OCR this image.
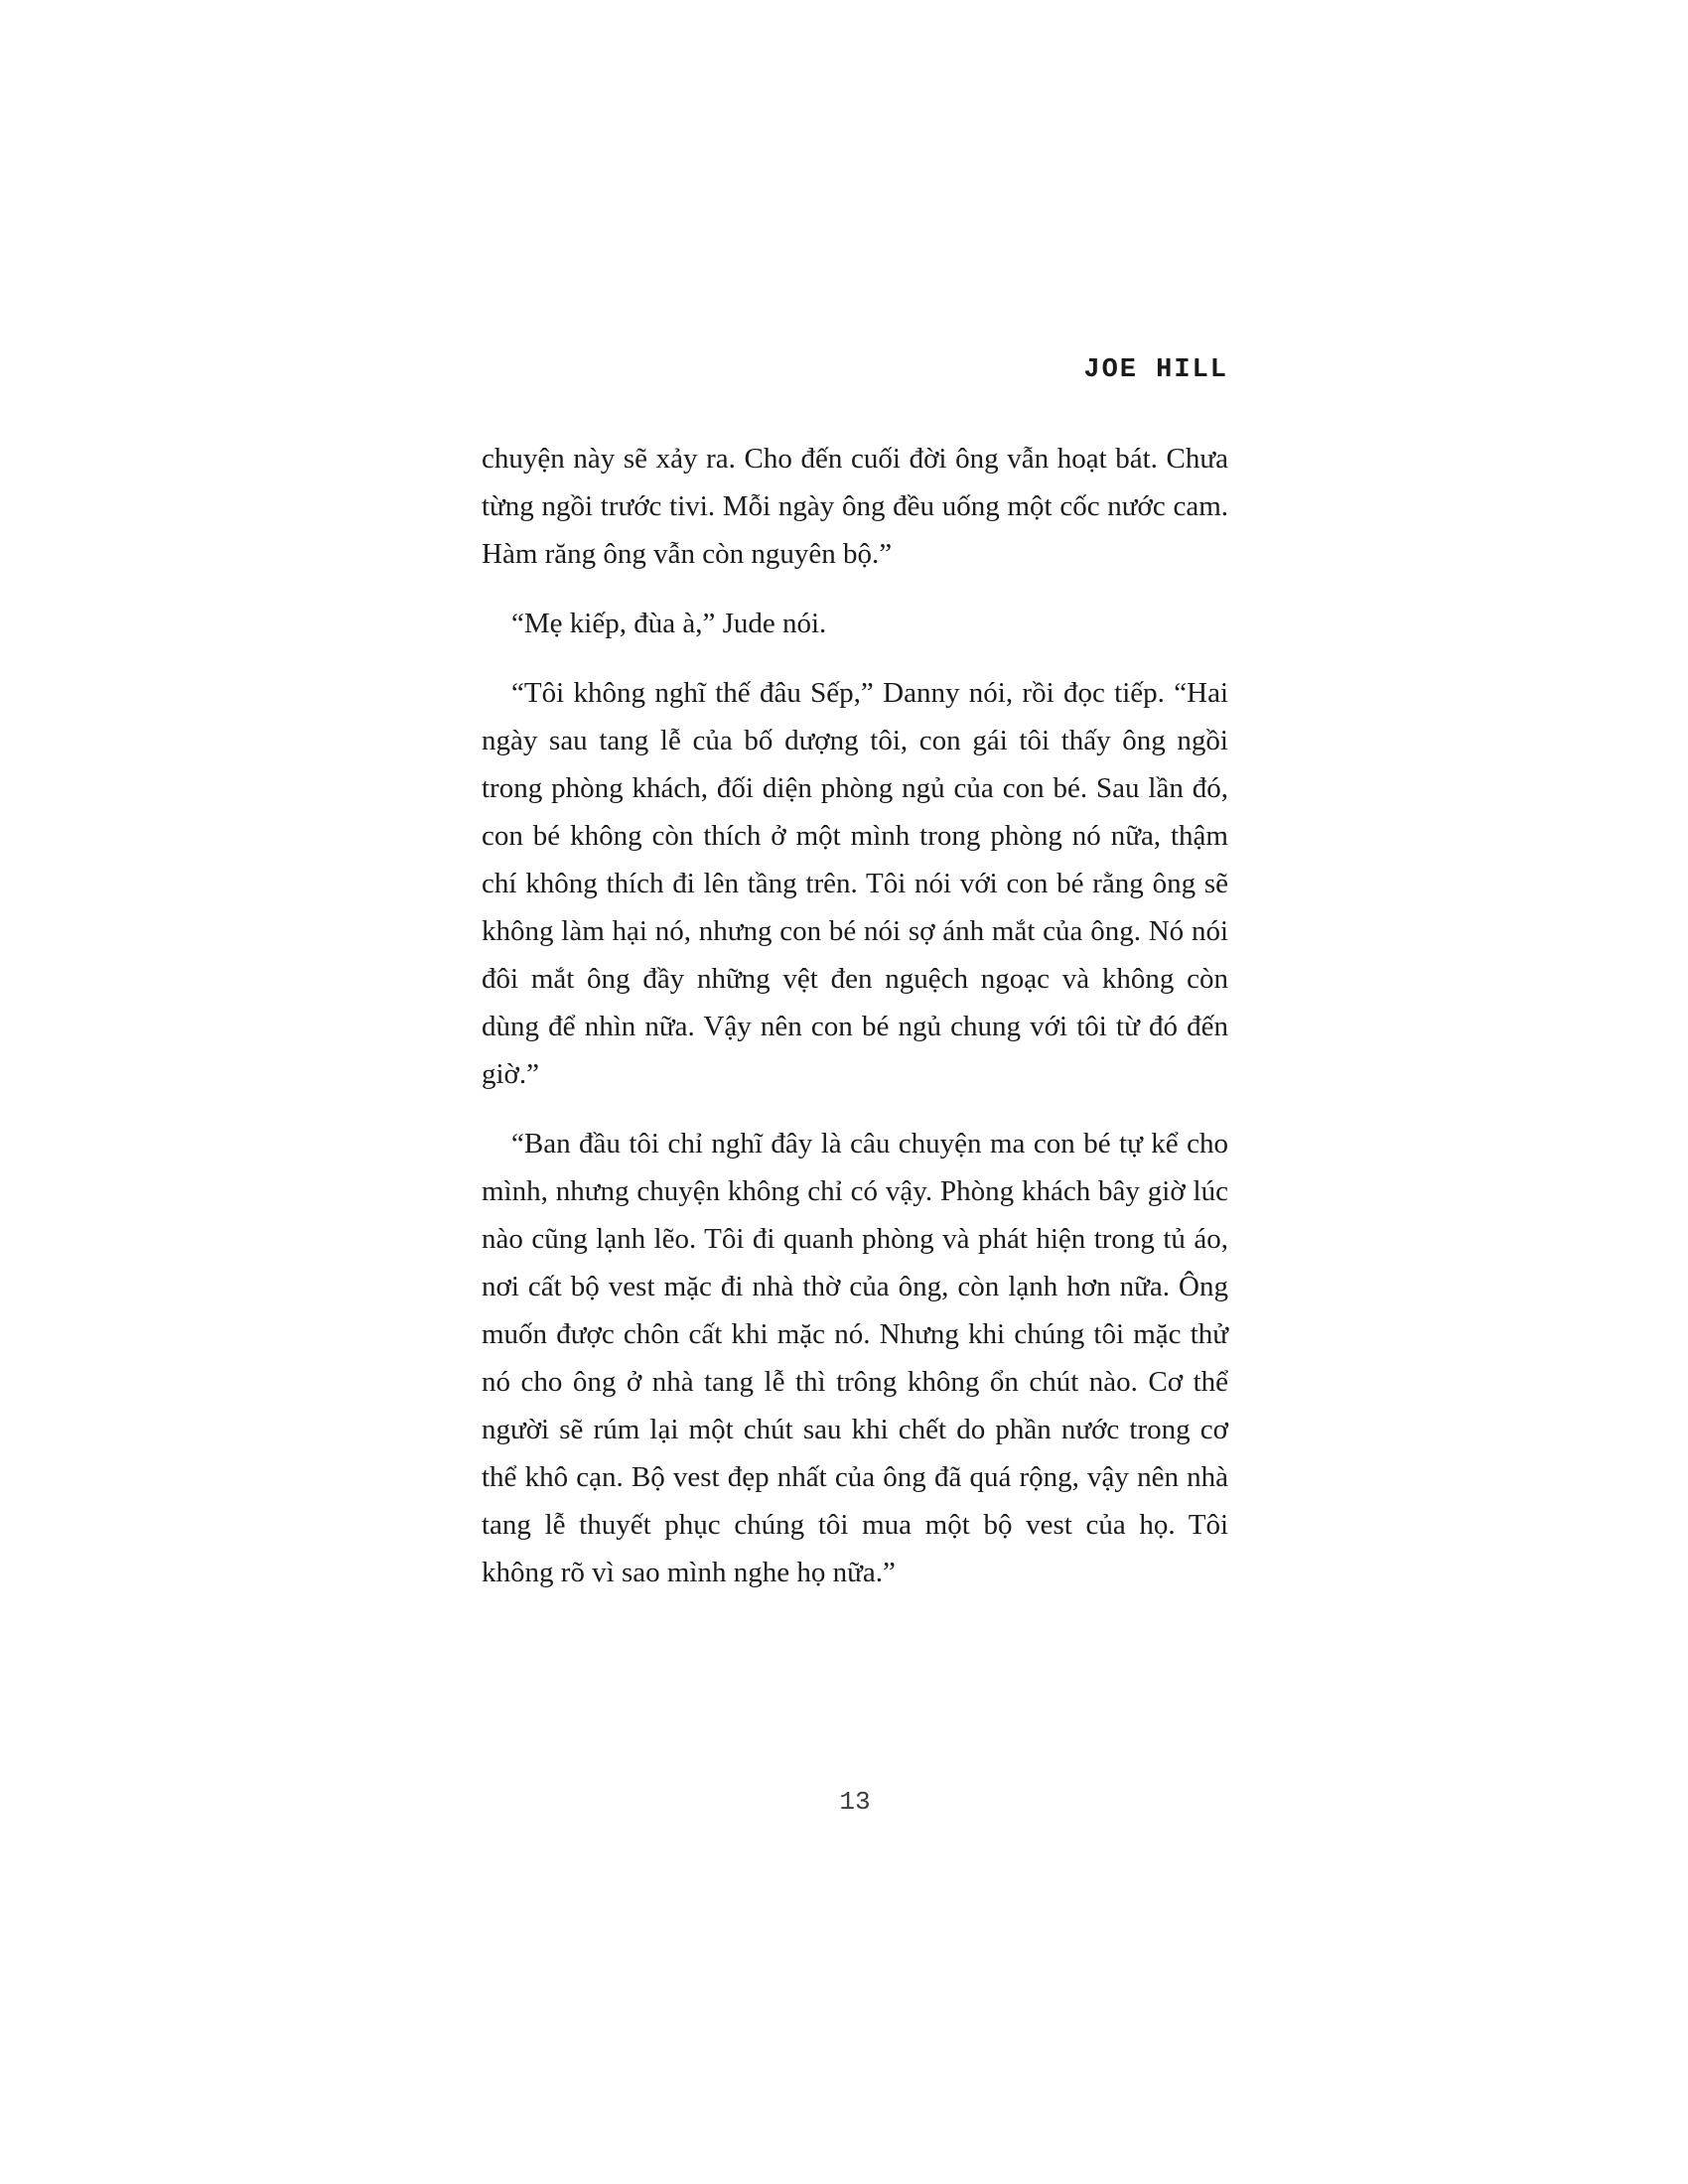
JOE HILL

chuyện này sẽ xảy ra. Cho đến cuối đời ông vẫn hoạt bát. Chưa từng ngồi trước tivi. Mỗi ngày ông đều uống một cốc nước cam. Hàm răng ông vẫn còn nguyên bộ.”

“Mẹ kiếp, đùa à,” Jude nói.

“Tôi không nghĩ thế đâu Sếp,” Danny nói, rồi đọc tiếp. “Hai ngày sau tang lễ của bố dượng tôi, con gái tôi thấy ông ngồi trong phòng khách, đối diện phòng ngủ của con bé. Sau lần đó, con bé không còn thích ở một mình trong phòng nó nữa, thậm chí không thích đi lên tầng trên. Tôi nói với con bé rằng ông sẽ không làm hại nó, nhưng con bé nói sợ ánh mắt của ông. Nó nói đôi mắt ông đầy những vệt đen nguệch ngoạc và không còn dùng để nhìn nữa. Vậy nên con bé ngủ chung với tôi từ đó đến giờ.”

“Ban đầu tôi chỉ nghĩ đây là câu chuyện ma con bé tự kể cho mình, nhưng chuyện không chỉ có vậy. Phòng khách bây giờ lúc nào cũng lạnh lẽo. Tôi đi quanh phòng và phát hiện trong tủ áo, nơi cất bộ vest mặc đi nhà thờ của ông, còn lạnh hơn nữa. Ông muốn được chôn cất khi mặc nó. Nhưng khi chúng tôi mặc thử nó cho ông ở nhà tang lễ thì trông không ổn chút nào. Cơ thể người sẽ rúm lại một chút sau khi chết do phần nước trong cơ thể khô cạn. Bộ vest đẹp nhất của ông đã quá rộng, vậy nên nhà tang lễ thuyết phục chúng tôi mua một bộ vest của họ. Tôi không rõ vì sao mình nghe họ nữa.”

13
